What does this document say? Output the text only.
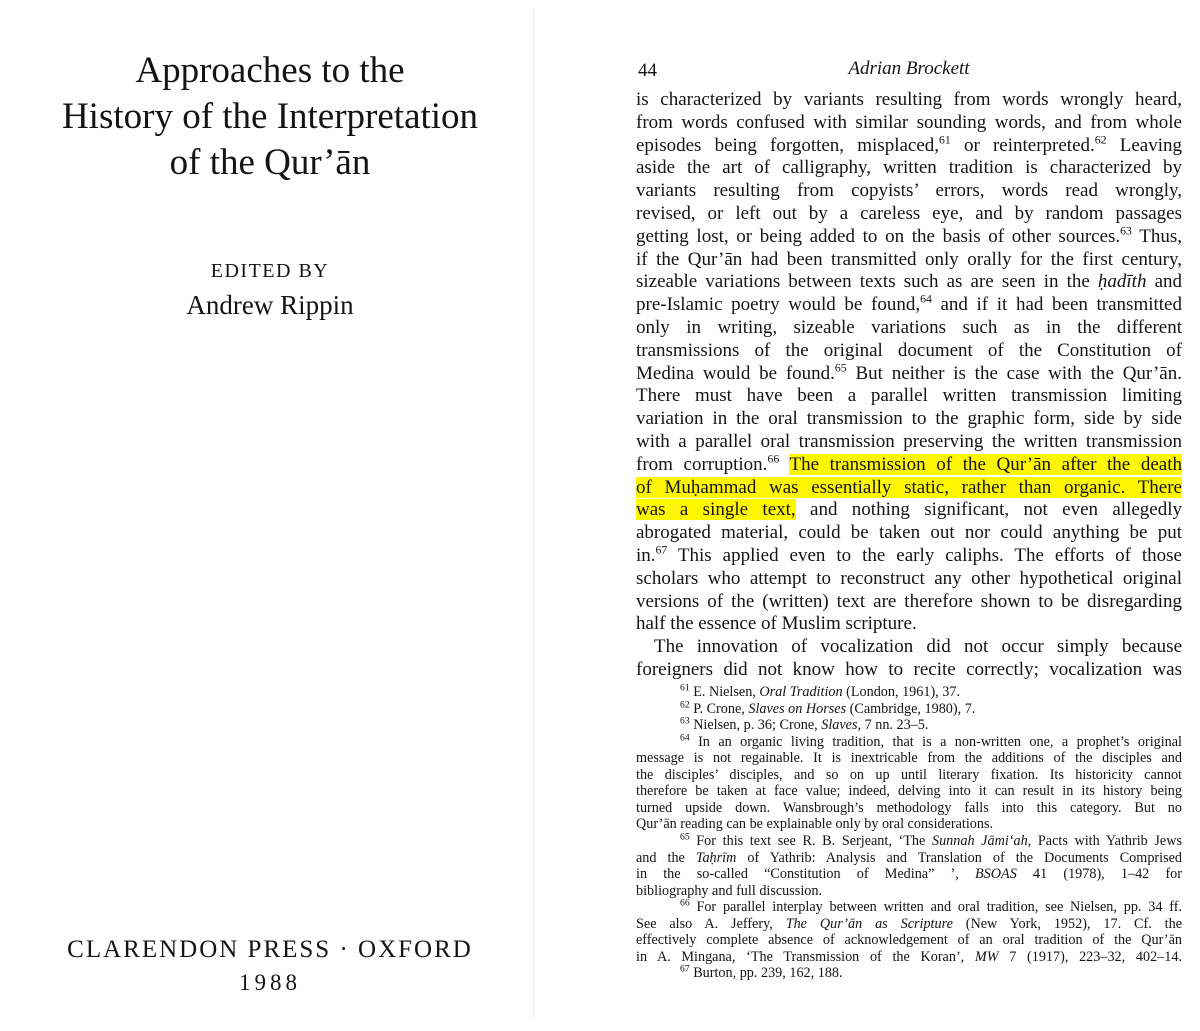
Approaches to the
History of the Interpretation
of the Qur’ān
EDITED BY
Andrew Rippin
CLARENDON PRESS · OXFORD
1988
44	Adrian Brockett
is characterized by variants resulting from words wrongly heard,
from words confused with similar sounding words, and from whole
episodes being forgotten, misplaced,$^{61}$ or reinterpreted.$^{62}$ Leaving
aside the art of calligraphy, written tradition is characterized by
variants resulting from copyists’ errors, words read wrongly,
revised, or left out by a careless eye, and by random passages
getting lost, or being added to on the basis of other sources.$^{63}$ Thus,
if the Qur’ān had been transmitted only orally for the first century,
sizeable variations between texts such as are seen in the ḥadīth and
pre-Islamic poetry would be found,$^{64}$ and if it had been transmitted
only in writing, sizeable variations such as in the different
transmissions of the original document of the Constitution of
Medina would be found.$^{65}$ But neither is the case with the Qur’ān.
There must have been a parallel written transmission limiting
variation in the oral transmission to the graphic form, side by side
with a parallel oral transmission preserving the written transmission
from corruption.$^{66}$ The transmission of the Qur’ān after the death
of Muḥammad was essentially static, rather than organic. There
was a single text, and nothing significant, not even allegedly
abrogated material, could be taken out nor could anything be put
in.$^{67}$ This applied even to the early caliphs. The efforts of those
scholars who attempt to reconstruct any other hypothetical original
versions of the (written) text are therefore shown to be disregarding
half the essence of Muslim scripture.
The innovation of vocalization did not occur simply because
foreigners did not know how to recite correctly; vocalization was
$^{61}$ E. Nielsen, Oral Tradition (London, 1961), 37.
$^{62}$ P. Crone, Slaves on Horses (Cambridge, 1980), 7.
$^{63}$ Nielsen, p. 36; Crone, Slaves, 7 nn. 23–5.
$^{64}$ In an organic living tradition, that is a non-written one, a prophet’s original
message is not regainable. It is inextricable from the additions of the disciples and
the disciples’ disciples, and so on up until literary fixation. Its historicity cannot
therefore be taken at face value; indeed, delving into it can result in its history being
turned upside down. Wansbrough’s methodology falls into this category. But no
Qur’ān reading can be explainable only by oral considerations.
$^{65}$ For this text see R. B. Serjeant, ‘The Sunnah Jāmi‘ah, Pacts with Yathrib Jews
and the Taḥrīm of Yathrib: Analysis and Translation of the Documents Comprised
in the so-called “Constitution of Medina” ’, BSOAS 41 (1978), 1–42 for
bibliography and full discussion.
$^{66}$ For parallel interplay between written and oral tradition, see Nielsen, pp. 34 ff.
See also A. Jeffery, The Qur’ān as Scripture (New York, 1952), 17. Cf. the
effectively complete absence of acknowledgement of an oral tradition of the Qur’ān
in A. Mingana, ‘The Transmission of the Koran’, MW 7 (1917), 223–32, 402–14.
$^{67}$ Burton, pp. 239, 162, 188.
